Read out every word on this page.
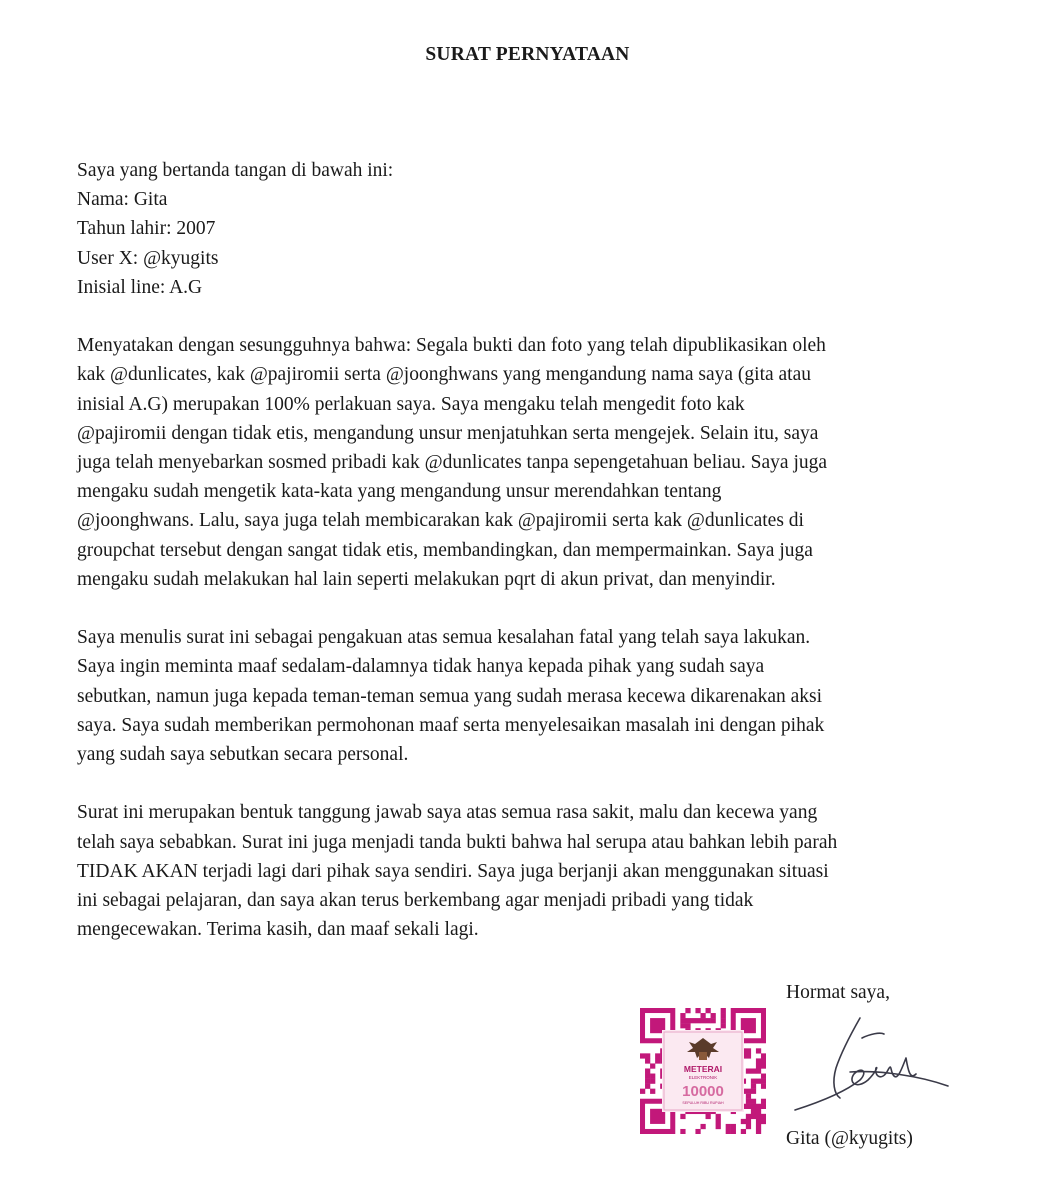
SURAT PERNYATAAN

Saya yang bertanda tangan di bawah ini:
Nama: Gita
Tahun lahir: 2007
User X: @kyugits
Inisial line: A.G

Menyatakan dengan sesungguhnya bahwa: Segala bukti dan foto yang telah dipublikasikan oleh
kak @dunlicates, kak @pajiromii serta @joonghwans yang mengandung nama saya (gita atau
inisial A.G) merupakan 100% perlakuan saya. Saya mengaku telah mengedit foto kak
@pajiromii dengan tidak etis, mengandung unsur menjatuhkan serta mengejek. Selain itu, saya
juga telah menyebarkan sosmed pribadi kak @dunlicates tanpa sepengetahuan beliau. Saya juga
mengaku sudah mengetik kata-kata yang mengandung unsur merendahkan tentang
@joonghwans. Lalu, saya juga telah membicarakan kak @pajiromii serta kak @dunlicates di
groupchat tersebut dengan sangat tidak etis, membandingkan, dan mempermainkan. Saya juga
mengaku sudah melakukan hal lain seperti melakukan pqrt di akun privat, dan menyindir.

Saya menulis surat ini sebagai pengakuan atas semua kesalahan fatal yang telah saya lakukan.
Saya ingin meminta maaf sedalam-dalamnya tidak hanya kepada pihak yang sudah saya
sebutkan, namun juga kepada teman-teman semua yang sudah merasa kecewa dikarenakan aksi
saya. Saya sudah memberikan permohonan maaf serta menyelesaikan masalah ini dengan pihak
yang sudah saya sebutkan secara personal.

Surat ini merupakan bentuk tanggung jawab saya atas semua rasa sakit, malu dan kecewa yang
telah saya sebabkan. Surat ini juga menjadi tanda bukti bahwa hal serupa atau bahkan lebih parah
TIDAK AKAN terjadi lagi dari pihak saya sendiri. Saya juga berjanji akan menggunakan situasi
ini sebagai pelajaran, dan saya akan terus berkembang agar menjadi pribadi yang tidak
mengecewakan. Terima kasih, dan maaf sekali lagi.

Hormat saya,
METERAI
ELEKTRONIK
10000
SEPULUH RIBU RUPIAH
Gita (@kyugits)
